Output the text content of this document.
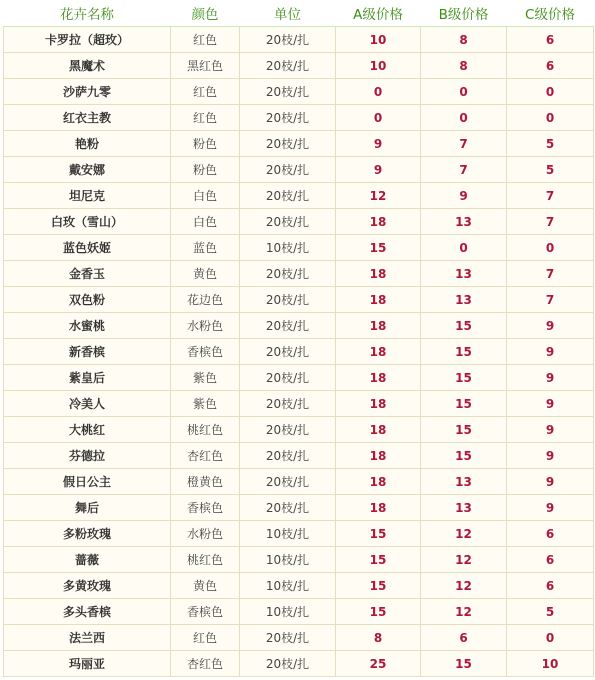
花卉名称	颜色	单位	A级价格	B级价格	C级价格
卡罗拉（超玫）	红色	20枝/扎	10	8	6
黑魔术	黑红色	20枝/扎	10	8	6
沙萨九零	红色	20枝/扎	0	0	0
红衣主教	红色	20枝/扎	0	0	0
艳粉	粉色	20枝/扎	9	7	5
戴安娜	粉色	20枝/扎	9	7	5
坦尼克	白色	20枝/扎	12	9	7
白玫（雪山）	白色	20枝/扎	18	13	7
蓝色妖姬	蓝色	10枝/扎	15	0	0
金香玉	黄色	20枝/扎	18	13	7
双色粉	花边色	20枝/扎	18	13	7
水蜜桃	水粉色	20枝/扎	18	15	9
新香槟	香槟色	20枝/扎	18	15	9
紫皇后	紫色	20枝/扎	18	15	9
冷美人	紫色	20枝/扎	18	15	9
大桃红	桃红色	20枝/扎	18	15	9
芬德拉	杏红色	20枝/扎	18	15	9
假日公主	橙黄色	20枝/扎	18	13	9
舞后	香槟色	20枝/扎	18	13	9
多粉玫瑰	水粉色	10枝/扎	15	12	6
蔷薇	桃红色	10枝/扎	15	12	6
多黄玫瑰	黄色	10枝/扎	15	12	6
多头香槟	香槟色	10枝/扎	15	12	5
法兰西	红色	20枝/扎	8	6	0
玛丽亚	杏红色	20枝/扎	25	15	10
